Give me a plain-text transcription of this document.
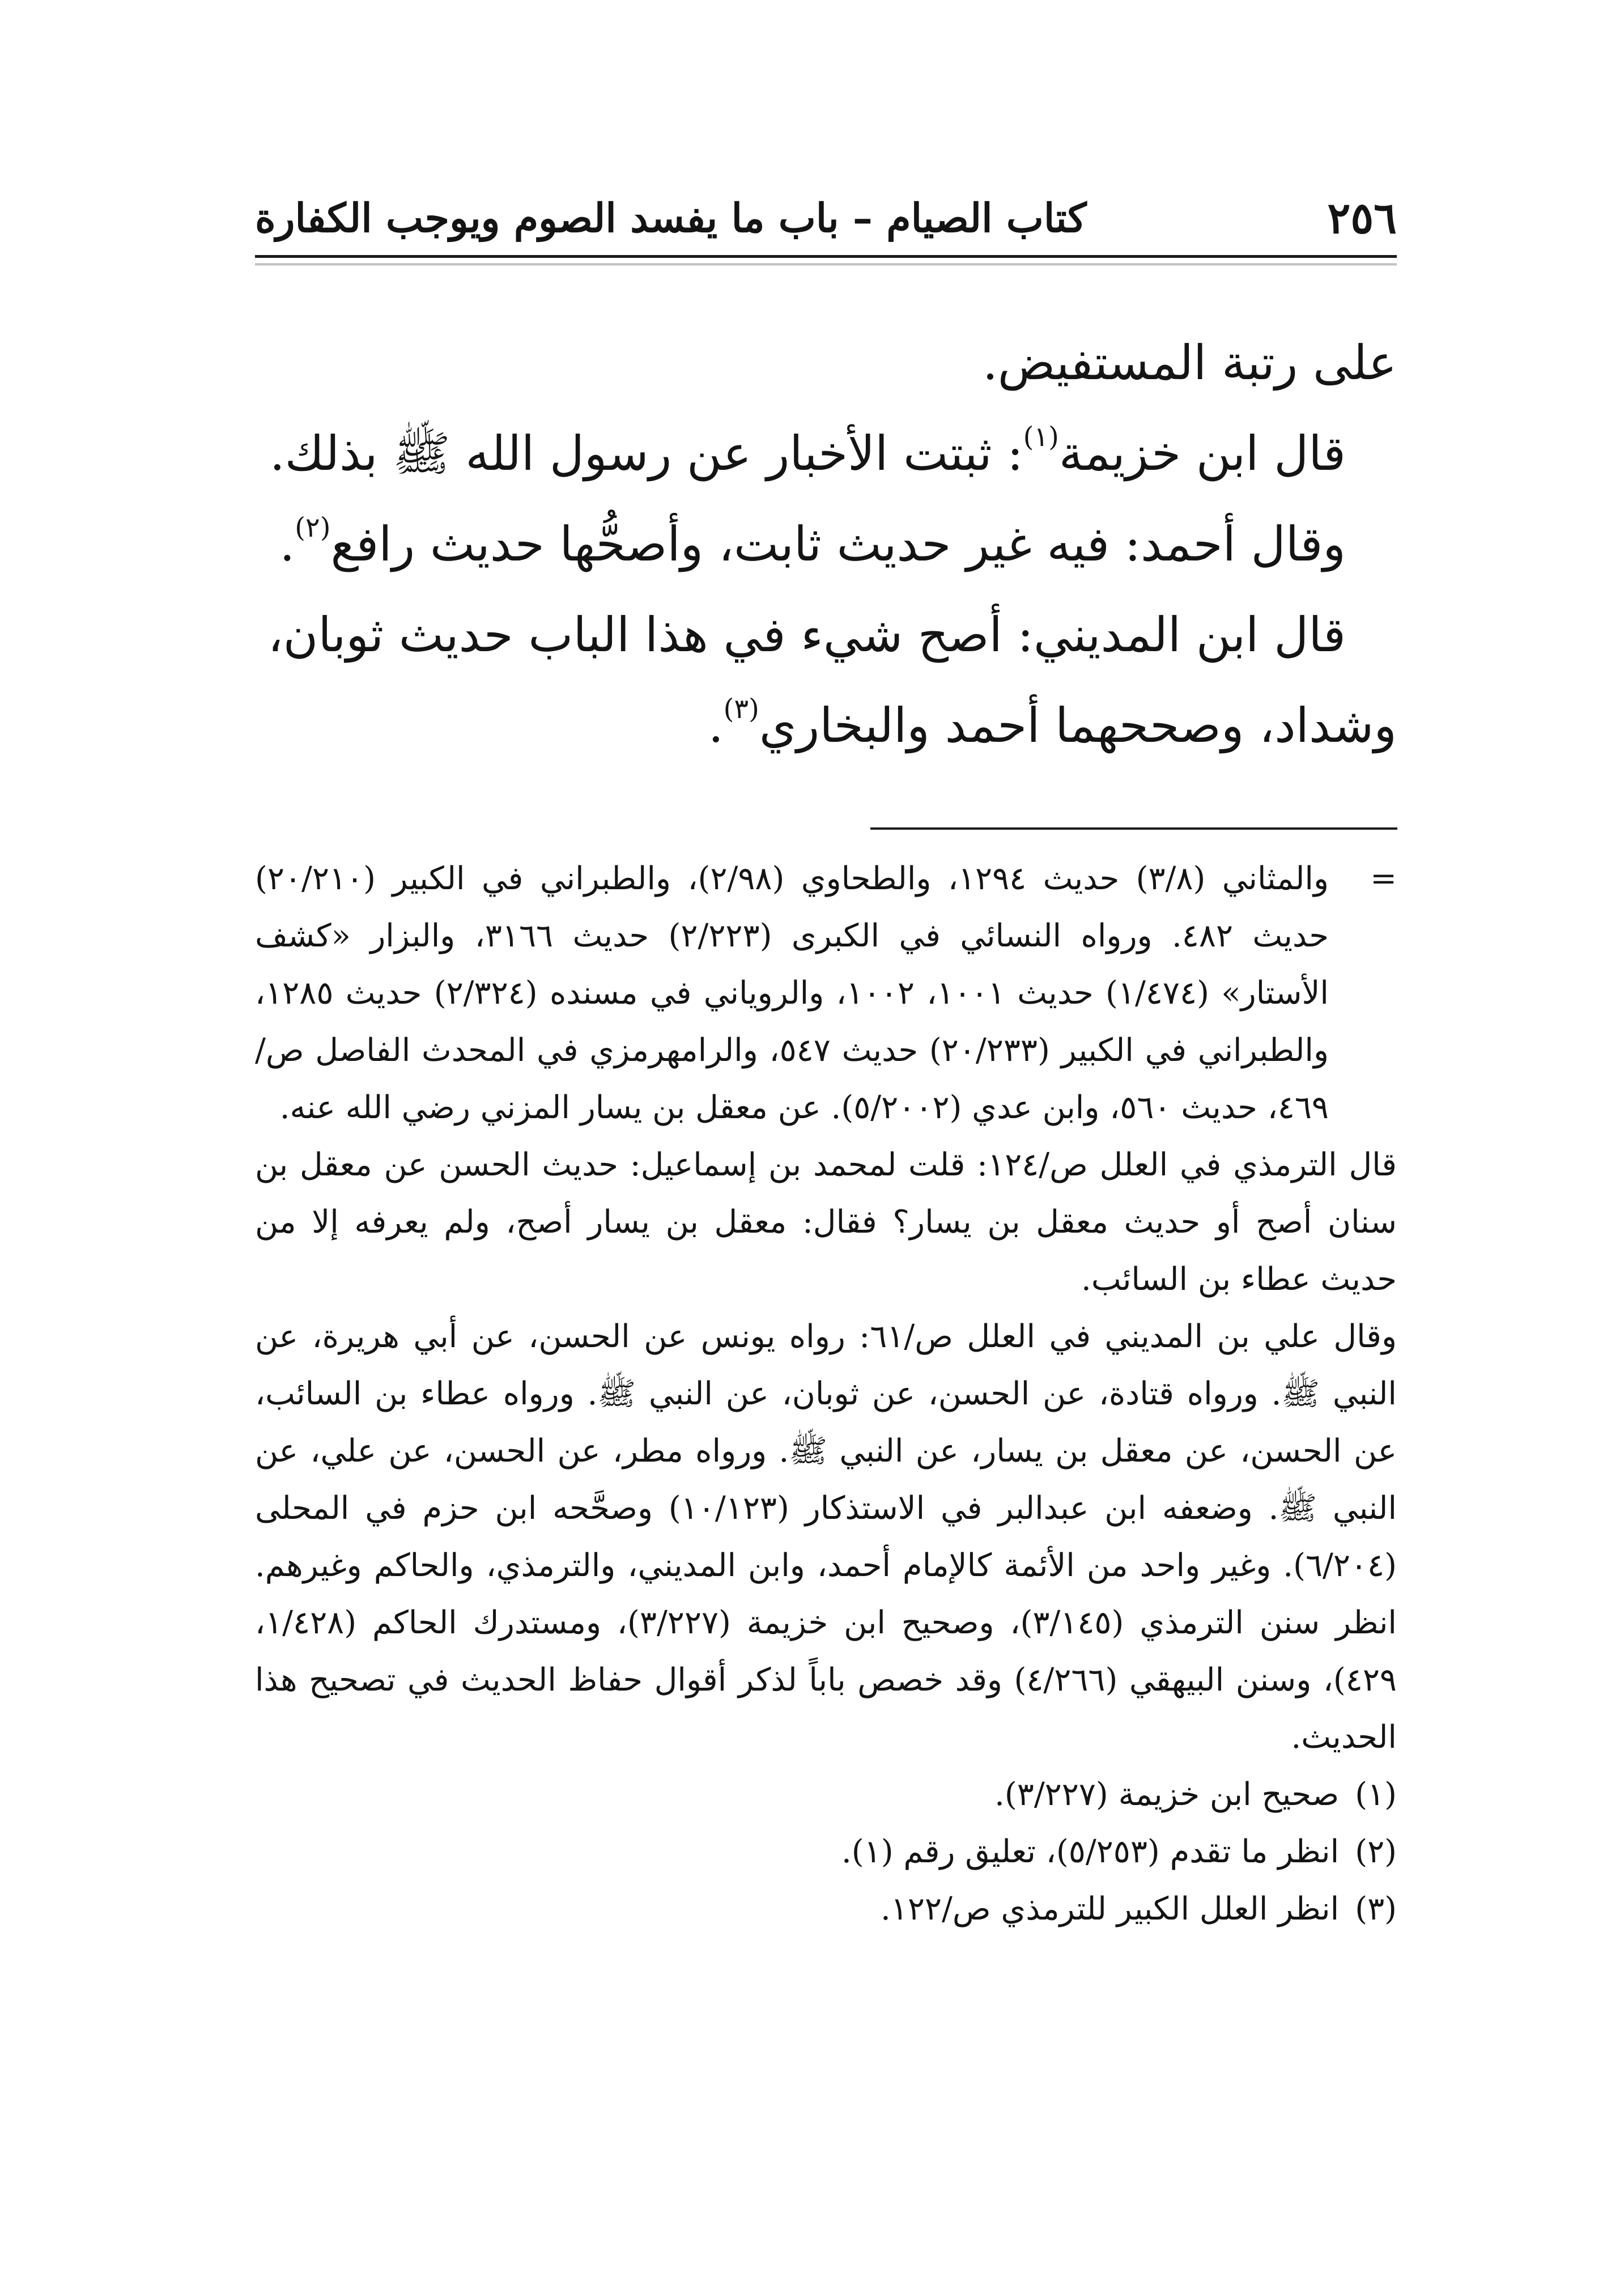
٢٥٦
كتاب الصيام – باب ما يفسد الصوم ويوجب الكفارة

على رتبة المستفيض.

قال ابن خزيمة$^{(١)}$: ثبتت الأخبار عن رسول الله ﷺ بذلك.

وقال أحمد: فيه غير حديث ثابت، وأصحُّها حديث رافع$^{(٢)}$.

قال ابن المديني: أصح شيء في هذا الباب حديث ثوبان،

وشداد، وصححهما أحمد والبخاري$^{(٣)}$.

=
والمثاني (٣/٨) حديث ١٢٩٤، والطحاوي (٢/٩٨)، والطبراني في الكبير (٢٠/٢١٠) حديث ٤٨٢. ورواه النسائي في الكبرى (٢/٢٢٣) حديث ٣١٦٦، والبزار «كشف الأستار» (١/٤٧٤) حديث ١٠٠١، ١٠٠٢، والروياني في مسنده (٢/٣٢٤) حديث ١٢٨٥، والطبراني في الكبير (٢٠/٢٣٣) حديث ٥٤٧، والرامهرمزي في المحدث الفاصل ص/٤٦٩، حديث ٥٦٠، وابن عدي (٥/٢٠٠٢). عن معقل بن يسار المزني رضي الله عنه.

قال الترمذي في العلل ص/١٢٤: قلت لمحمد بن إسماعيل: حديث الحسن عن معقل بن سنان أصح أو حديث معقل بن يسار؟ فقال: معقل بن يسار أصح، ولم يعرفه إلا من حديث عطاء بن السائب.

وقال علي بن المديني في العلل ص/٦١: رواه يونس عن الحسن، عن أبي هريرة، عن النبي ﷺ. ورواه قتادة، عن الحسن، عن ثوبان، عن النبي ﷺ. ورواه عطاء بن السائب، عن الحسن، عن معقل بن يسار، عن النبي ﷺ. ورواه مطر، عن الحسن، عن علي، عن النبي ﷺ. وضعفه ابن عبدالبر في الاستذكار (١٠/١٢٣) وصحَّحه ابن حزم في المحلى (٦/٢٠٤). وغير واحد من الأئمة كالإمام أحمد، وابن المديني، والترمذي، والحاكم وغيرهم. انظر سنن الترمذي (٣/١٤٥)، وصحيح ابن خزيمة (٣/٢٢٧)، ومستدرك الحاكم (١/٤٢٨، ٤٢٩)، وسنن البيهقي (٤/٢٦٦) وقد خصص باباً لذكر أقوال حفاظ الحديث في تصحيح هذا الحديث.

(١)صحيح ابن خزيمة (٣/٢٢٧).

(٢)انظر ما تقدم (٥/٢٥٣)، تعليق رقم (١).

(٣)انظر العلل الكبير للترمذي ص/١٢٢.
